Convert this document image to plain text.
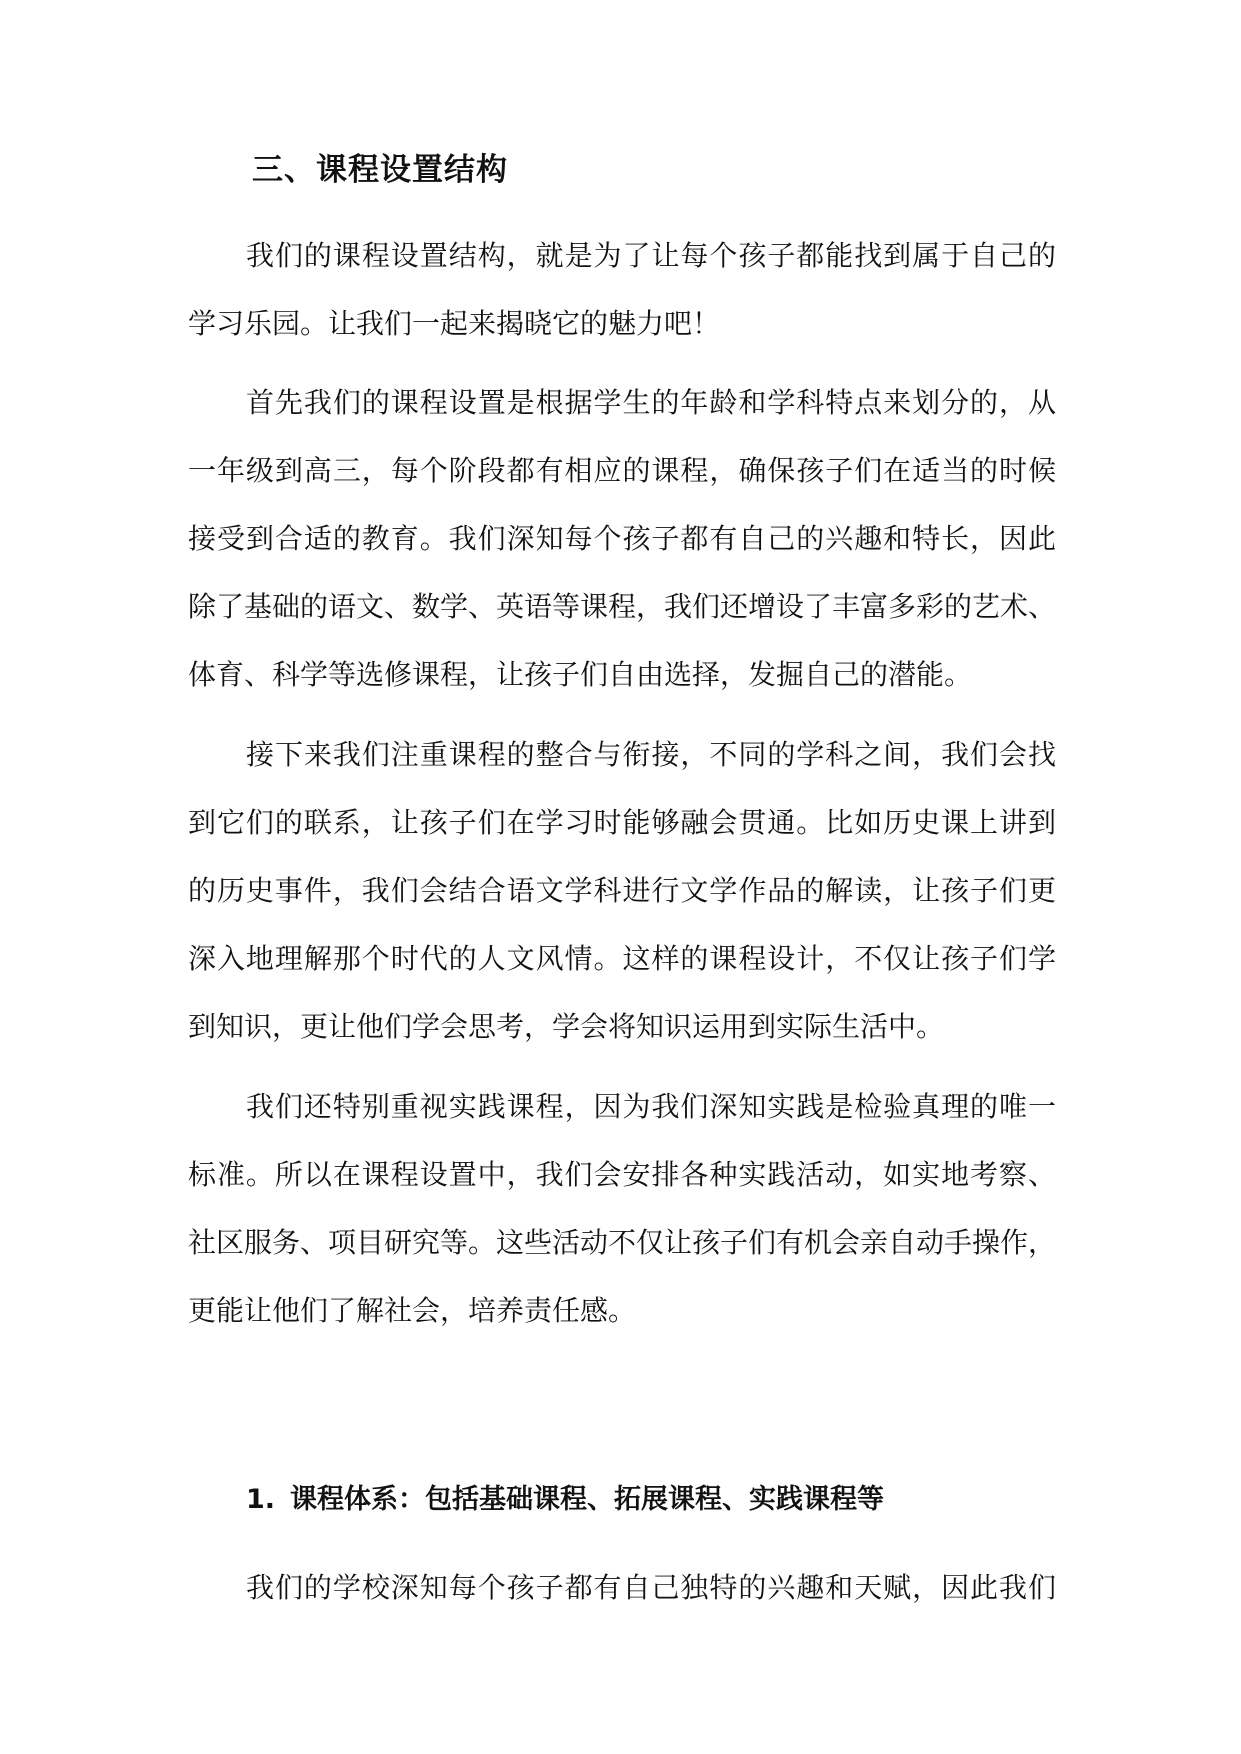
三、课程设置结构

我们的课程设置结构，就是为了让每个孩子都能找到属于自己的

学习乐园。让我们一起来揭晓它的魅力吧！

首先我们的课程设置是根据学生的年龄和学科特点来划分的，从

一年级到高三，每个阶段都有相应的课程，确保孩子们在适当的时候

接受到合适的教育。我们深知每个孩子都有自己的兴趣和特长，因此

除了基础的语文、数学、英语等课程，我们还增设了丰富多彩的艺术、

体育、科学等选修课程，让孩子们自由选择，发掘自己的潜能。

接下来我们注重课程的整合与衔接，不同的学科之间，我们会找

到它们的联系，让孩子们在学习时能够融会贯通。比如历史课上讲到

的历史事件，我们会结合语文学科进行文学作品的解读，让孩子们更

深入地理解那个时代的人文风情。这样的课程设计，不仅让孩子们学

到知识，更让他们学会思考，学会将知识运用到实际生活中。

我们还特别重视实践课程，因为我们深知实践是检验真理的唯一

标准。所以在课程设置中，我们会安排各种实践活动，如实地考察、

社区服务、项目研究等。这些活动不仅让孩子们有机会亲自动手操作，

更能让他们了解社会，培养责任感。

1. 课程体系：包括基础课程、拓展课程、实践课程等

我们的学校深知每个孩子都有自己独特的兴趣和天赋，因此我们
